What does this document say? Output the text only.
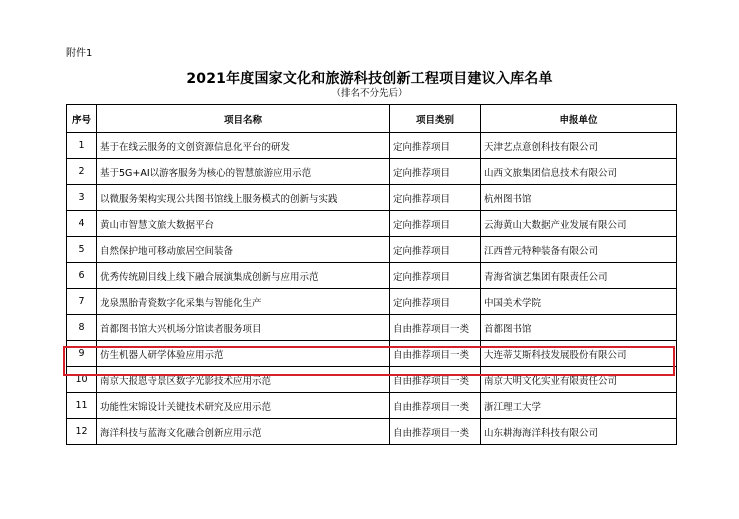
附件1
2021年度国家文化和旅游科技创新工程项目建议入库名单
（排名不分先后）
序号	项目名称	项目类别	申报单位
1	基于在线云服务的文创资源信息化平台的研发	定向推荐项目	天津艺点意创科技有限公司
2	基于5G+AI以游客服务为核心的智慧旅游应用示范	定向推荐项目	山西文旅集团信息技术有限公司
3	以微服务架构实现公共图书馆线上服务模式的创新与实践	定向推荐项目	杭州图书馆
4	黄山市智慧文旅大数据平台	定向推荐项目	云海黄山大数据产业发展有限公司
5	自然保护地可移动旅居空间装备	定向推荐项目	江西普元特种装备有限公司
6	优秀传统剧目线上线下融合展演集成创新与应用示范	定向推荐项目	青海省演艺集团有限责任公司
7	龙泉黑胎青瓷数字化采集与智能化生产	定向推荐项目	中国美术学院
8	首都图书馆大兴机场分馆读者服务项目	自由推荐项目一类	首都图书馆
9	仿生机器人研学体验应用示范	自由推荐项目一类	大连蒂艾斯科技发展股份有限公司
10	南京大报恩寺景区数字光影技术应用示范	自由推荐项目一类	南京大明文化实业有限责任公司
11	功能性宋锦设计关键技术研究及应用示范	自由推荐项目一类	浙江理工大学
12	海洋科技与蓝海文化融合创新应用示范	自由推荐项目一类	山东耕海海洋科技有限公司
